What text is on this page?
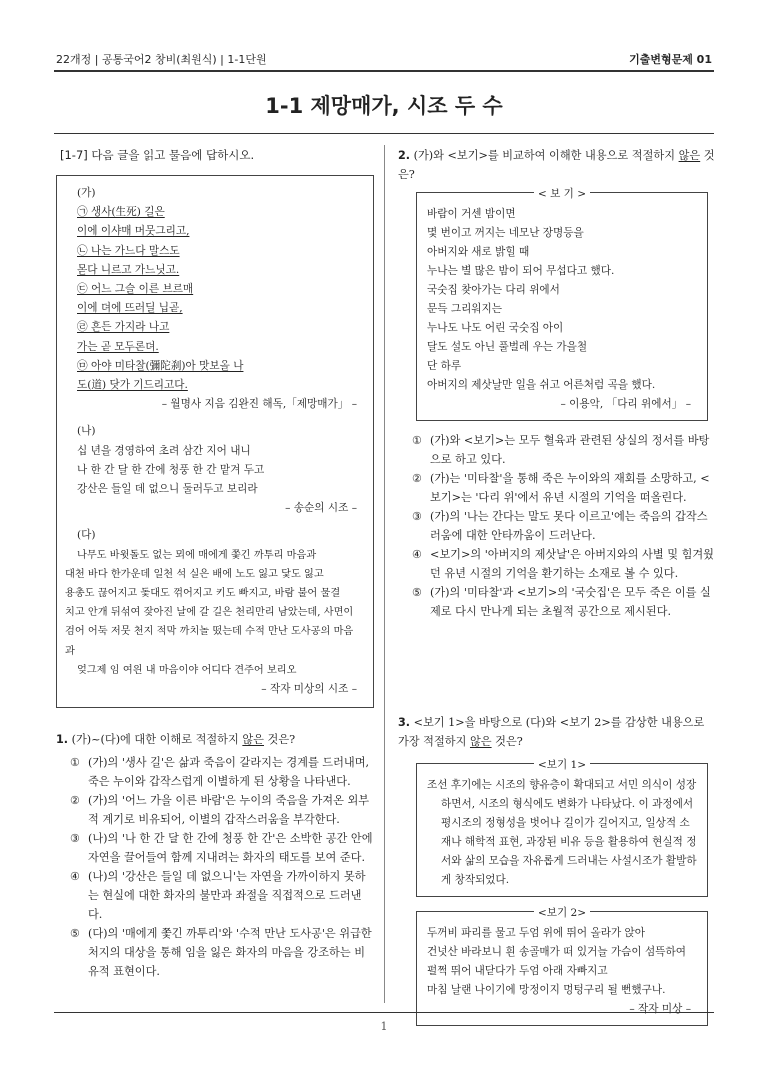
22개정 | 공통국어2 창비(최원식) | 1-1단원	기출변형문제 01
1-1 제망매가, 시조 두 수
[1-7] 다음 글을 읽고 물음에 답하시오.
(가)
㉠ 생사(生死) 길은
이에 이샤매 머뭇그리고,
㉡ 나는 가느다 말스도
몯다 니르고 가느닛고.
㉢ 어느 그슬 이른 브르매
이에 뎌에 뜨러딜 닙곧,
㉣ 흔든 가지라 나고
가는 곧 모두론뎌.
㉤ 아야 미타찰(彌陀刹)아 맛보올 나
도(道) 닷가 기드리고다.
– 월명사 지음 김완진 해독,「제망매가」 –
(나)
십 년을 경영하여 초려 삼간 지어 내니
나 한 간 달 한 간에 청풍 한 간 맡겨 두고
강산은 들일 데 없으니 둘러두고 보리라
– 송순의 시조 –
(다)
나무도 바윗돌도 없는 뫼에 매에게 쫓긴 까투리 마음과
대천 바다 한가운데 일천 석 실은 배에 노도 잃고 닻도 잃고
용총도 끊어지고 돛대도 꺾어지고 키도 빠지고, 바람 불어 물결
치고 안개 뒤섞여 잦아진 날에 갈 길은 천리만리 남았는데, 사면이
검어 어둑 저뭇 천지 적막 까치놀 떴는데 수적 만난 도사공의 마음과
엊그제 임 여읜 내 마음이야 어디다 견주어 보리오
– 작자 미상의 시조 –
1. (가)~(다)에 대한 이해로 적절하지 않은 것은?
① (가)의 '생사 길'은 삶과 죽음이 갈라지는 경계를 드러내며, 죽은 누이와 갑작스럽게 이별하게 된 상황을 나타낸다.
② (가)의 '어느 가을 이른 바람'은 누이의 죽음을 가져온 외부적 계기로 비유되어, 이별의 갑작스러움을 부각한다.
③ (나)의 '나 한 간 달 한 간에 청풍 한 간'은 소박한 공간 안에 자연을 끌어들여 함께 지내려는 화자의 태도를 보여 준다.
④ (나)의 '강산은 들일 데 없으니'는 자연을 가까이하지 못하는 현실에 대한 화자의 불만과 좌절을 직접적으로 드러낸다.
⑤ (다)의 '매에게 쫓긴 까투리'와 '수적 만난 도사공'은 위급한 처지의 대상을 통해 임을 잃은 화자의 마음을 강조하는 비유적 표현이다.
2. (가)와 <보기>를 비교하여 이해한 내용으로 적절하지 않은 것은?
< 보 기 >
바람이 거센 밤이면
몇 번이고 꺼지는 네모난 장명등을
아버지와 새로 밝힐 때
누나는 별 많은 밤이 되어 무섭다고 했다.
국숫집 찾아가는 다리 위에서
문득 그리워지는
누나도 나도 어린 국숫집 아이
달도 설도 아닌 풀벌레 우는 가을철
단 하루
아버지의 제삿날만 일을 쉬고 어른처럼 곡을 했다.
– 이용악, 「다리 위에서」 –
① (가)와 <보기>는 모두 혈육과 관련된 상실의 정서를 바탕으로 하고 있다.
② (가)는 '미타찰'을 통해 죽은 누이와의 재회를 소망하고, <보기>는 '다리 위'에서 유년 시절의 기억을 떠올린다.
③ (가)의 '나는 간다는 말도 못다 이르고'에는 죽음의 갑작스러움에 대한 안타까움이 드러난다.
④ <보기>의 '아버지의 제삿날'은 아버지와의 사별 및 힘겨웠던 유년 시절의 기억을 환기하는 소재로 볼 수 있다.
⑤ (가)의 '미타찰'과 <보기>의 '국숫집'은 모두 죽은 이를 실제로 다시 만나게 되는 초월적 공간으로 제시된다.
3. <보기 1>을 바탕으로 (다)와 <보기 2>를 감상한 내용으로 가장 적절하지 않은 것은?
<보기 1>
조선 후기에는 시조의 향유층이 확대되고 서민 의식이 성장하면서, 시조의 형식에도 변화가 나타났다. 이 과정에서 평시조의 정형성을 벗어나 길이가 길어지고, 일상적 소재나 해학적 표현, 과장된 비유 등을 활용하여 현실적 정서와 삶의 모습을 자유롭게 드러내는 사설시조가 활발하게 창작되었다.
<보기 2>
두꺼비 파리를 물고 두엄 위에 뛰어 올라가 앉아
건넛산 바라보니 흰 송골매가 떠 있거늘 가슴이 섬뜩하여
펄쩍 뛰어 내닫다가 두엄 아래 자빠지고
마침 날랜 나이기에 망정이지 멍텅구리 될 뻔했구나.
– 작자 미상 –
1
